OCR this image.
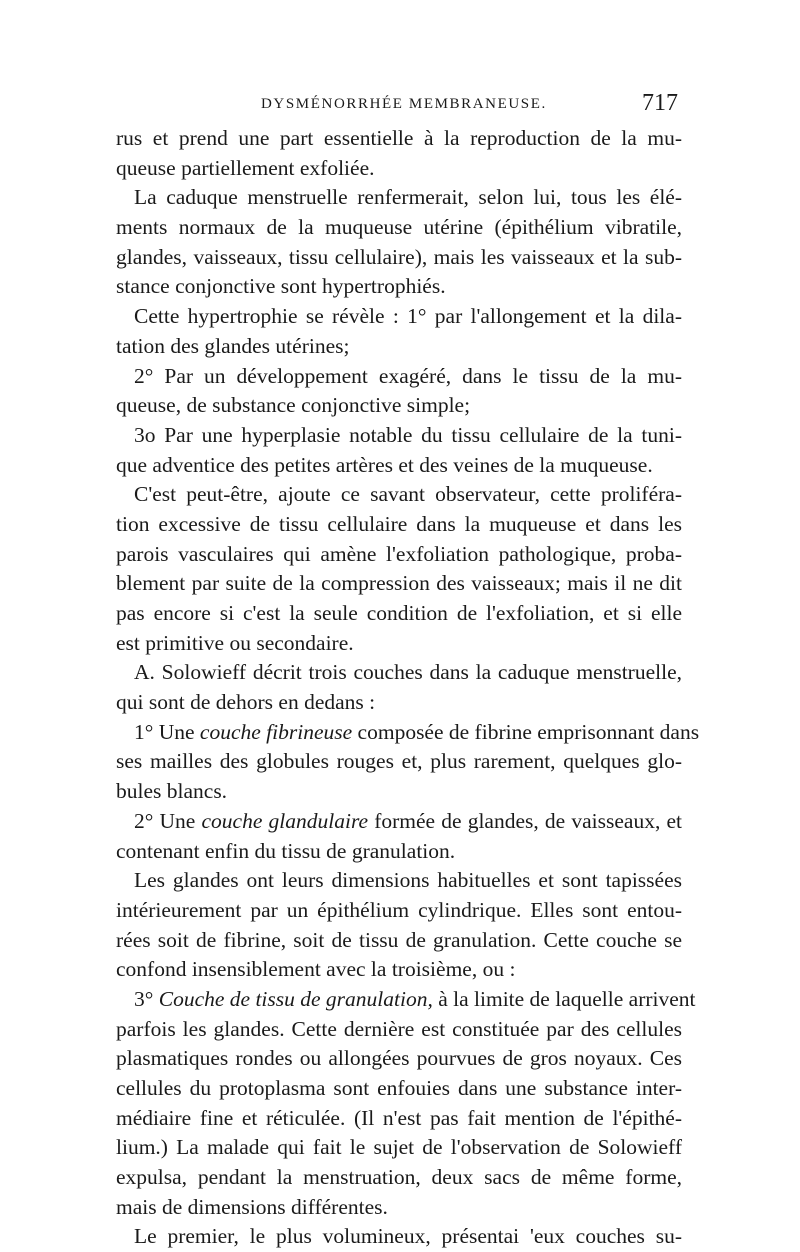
DYSMÉNORRHÉE MEMBRANEUSE.	717
rus et prend une part essentielle à la reproduction de la mu-
queuse partiellement exfoliée.
La caduque menstruelle renfermerait, selon lui, tous les élé-
ments normaux de la muqueuse utérine (épithélium vibratile,
glandes, vaisseaux, tissu cellulaire), mais les vaisseaux et la sub-
stance conjonctive sont hypertrophiés.
Cette hypertrophie se révèle : 1° par l'allongement et la dila-
tation des glandes utérines;
2° Par un développement exagéré, dans le tissu de la mu-
queuse, de substance conjonctive simple;
3o Par une hyperplasie notable du tissu cellulaire de la tuni-
que adventice des petites artères et des veines de la muqueuse.
C'est peut-être, ajoute ce savant observateur, cette proliféra-
tion excessive de tissu cellulaire dans la muqueuse et dans les
parois vasculaires qui amène l'exfoliation pathologique, proba-
blement par suite de la compression des vaisseaux; mais il ne dit
pas encore si c'est la seule condition de l'exfoliation, et si elle
est primitive ou secondaire.
A. Solowieff décrit trois couches dans la caduque menstruelle,
qui sont de dehors en dedans :
1° Une couche fibrineuse composée de fibrine emprisonnant dans
ses mailles des globules rouges et, plus rarement, quelques glo-
bules blancs.
2° Une couche glandulaire formée de glandes, de vaisseaux, et
contenant enfin du tissu de granulation.
Les glandes ont leurs dimensions habituelles et sont tapissées
intérieurement par un épithélium cylindrique. Elles sont entou-
rées soit de fibrine, soit de tissu de granulation. Cette couche se
confond insensiblement avec la troisième, ou :
3° Couche de tissu de granulation, à la limite de laquelle arrivent
parfois les glandes. Cette dernière est constituée par des cellules
plasmatiques rondes ou allongées pourvues de gros noyaux. Ces
cellules du protoplasma sont enfouies dans une substance inter-
médiaire fine et réticulée. (Il n'est pas fait mention de l'épithé-
lium.) La malade qui fait le sujet de l'observation de Solowieff
expulsa, pendant la menstruation, deux sacs de même forme,
mais de dimensions différentes.
Le premier, le plus volumineux, présentai 'eux couches su-
